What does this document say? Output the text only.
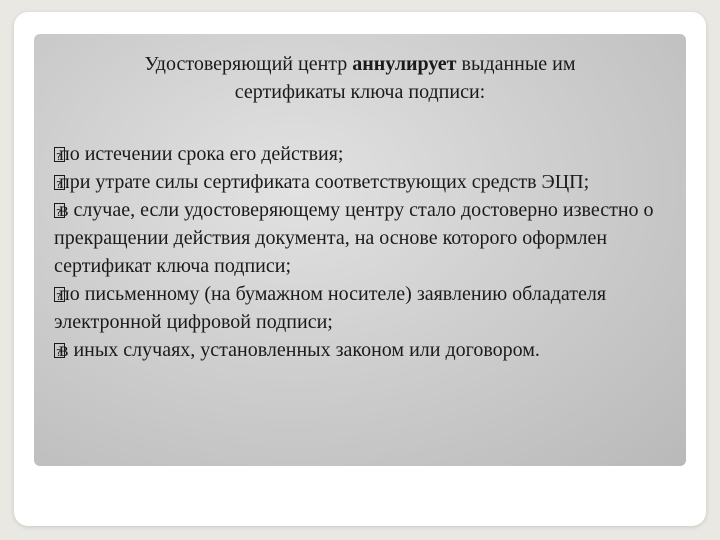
Удостоверяющий центр аннулирует выданные им
сертификаты ключа подписи:
?по истечении срока его действия;
?при утрате силы сертификата соответствующих средств ЭЦП;
?в случае, если удостоверяющему центру стало достоверно известно о прекращении действия документа, на основе которого оформлен сертификат ключа подписи;
?по письменному (на бумажном носителе) заявлению обладателя электронной цифровой подписи;
?в иных случаях, установленных законом или договором.
